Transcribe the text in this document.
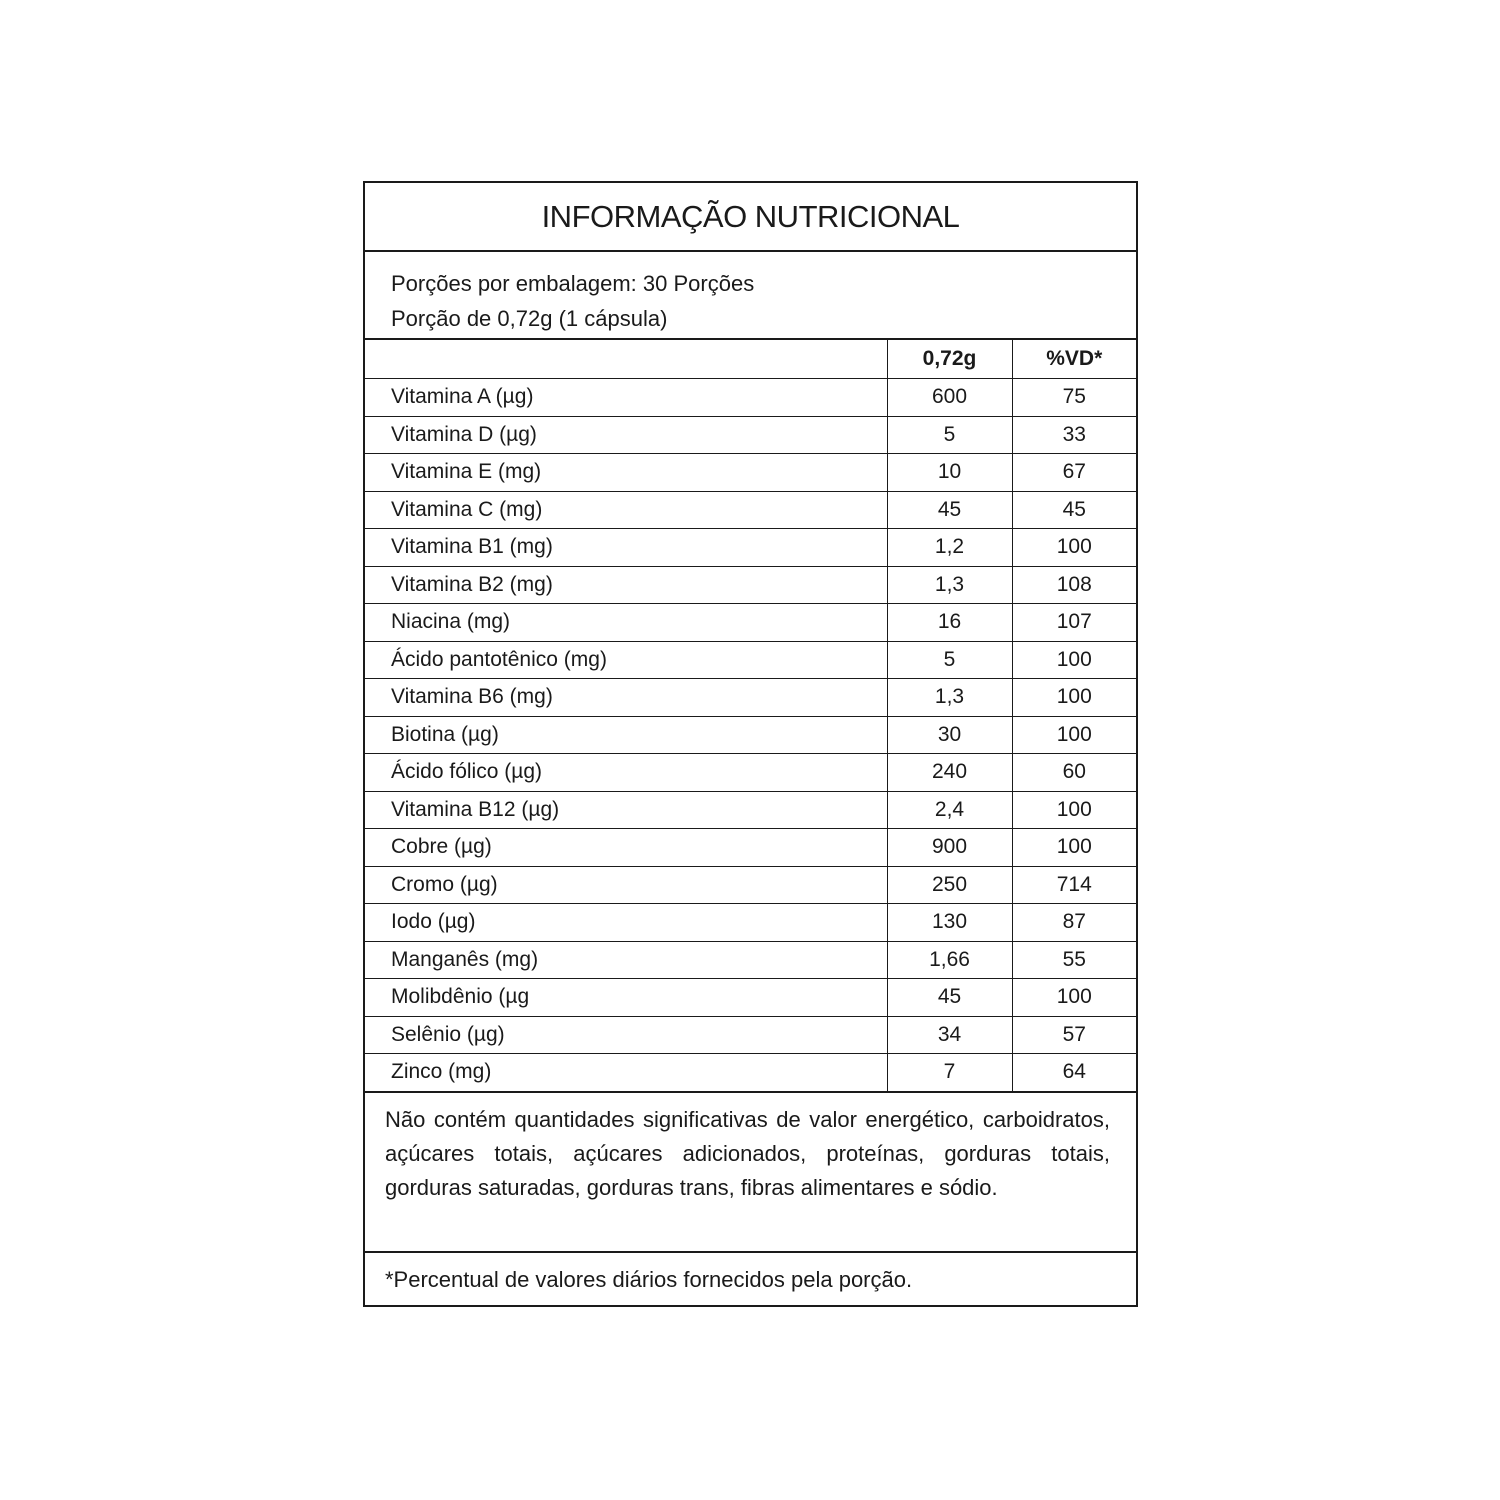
INFORMAÇÃO NUTRICIONAL
Porções por embalagem: 30 Porções
Porção de 0,72g (1 cápsula)
	0,72g	%VD*
Vitamina A (µg)	600	75
Vitamina D (µg)	5	33
Vitamina E (mg)	10	67
Vitamina C (mg)	45	45
Vitamina B1 (mg)	1,2	100
Vitamina B2 (mg)	1,3	108
Niacina (mg)	16	107
Ácido pantotênico (mg)	5	100
Vitamina B6 (mg)	1,3	100
Biotina (µg)	30	100
Ácido fólico (µg)	240	60
Vitamina B12 (µg)	2,4	100
Cobre (µg)	900	100
Cromo (µg)	250	714
Iodo (µg)	130	87
Manganês (mg)	1,66	55
Molibdênio (µg	45	100
Selênio (µg)	34	57
Zinco (mg)	7	64
Não contém quantidades significativas de valor energético, carboidratos, açúcares totais, açúcares adicionados, proteínas, gorduras totais, gorduras saturadas, gorduras trans, fibras alimentares e sódio.
*Percentual de valores diários fornecidos pela porção.
